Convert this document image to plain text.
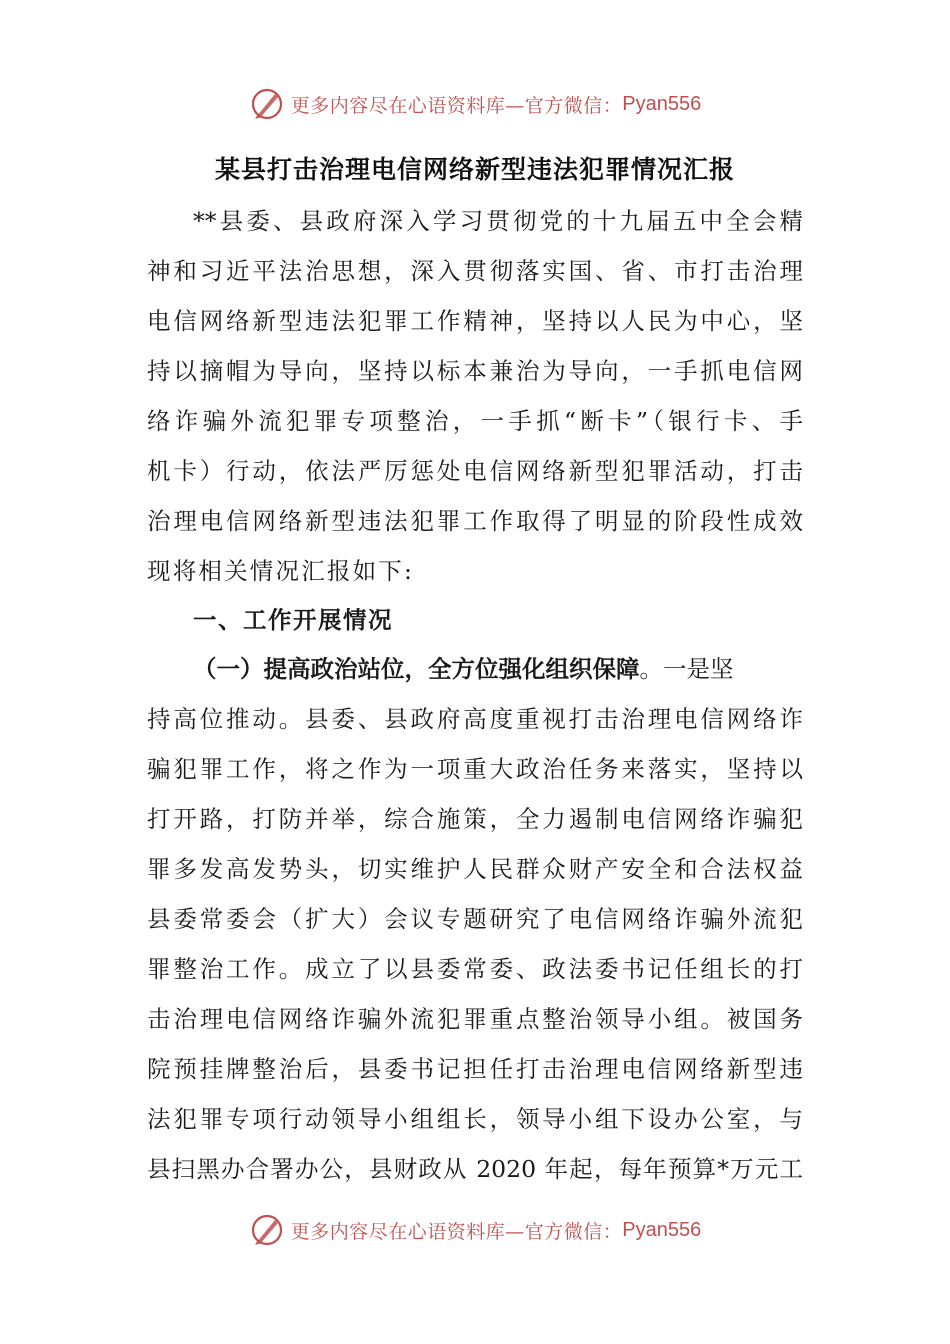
更多内容尽在心语资料库—官方微信： Pyan556
某县打击治理电信网络新型违法犯罪情况汇报
**县委、县政府深入学习贯彻党的十九届五中全会精
神和习近平法治思想，深入贯彻落实国、省、市打击治理
电信网络新型违法犯罪工作精神，坚持以人民为中心，坚
持以摘帽为导向，坚持以标本兼治为导向，一手抓电信网
络诈骗外流犯罪专项整治，一手抓“断卡”（银行卡、手
机卡）行动，依法严厉惩处电信网络新型犯罪活动，打击
治理电信网络新型违法犯罪工作取得了明显的阶段性成效
现将相关情况汇报如下:
一、工作开展情况
（一）提高政治站位，全方位强化组织保障。一是坚
持高位推动。县委、县政府高度重视打击治理电信网络诈
骗犯罪工作，将之作为一项重大政治任务来落实，坚持以
打开路，打防并举，综合施策，全力遏制电信网络诈骗犯
罪多发高发势头，切实维护人民群众财产安全和合法权益
县委常委会（扩大）会议专题研究了电信网络诈骗外流犯
罪整治工作。成立了以县委常委、政法委书记任组长的打
击治理电信网络诈骗外流犯罪重点整治领导小组。被国务
院预挂牌整治后，县委书记担任打击治理电信网络新型违
法犯罪专项行动领导小组组长，领导小组下设办公室，与
县扫黑办合署办公，县财政从 2020 年起，每年预算*万元工
更多内容尽在心语资料库—官方微信： Pyan556
